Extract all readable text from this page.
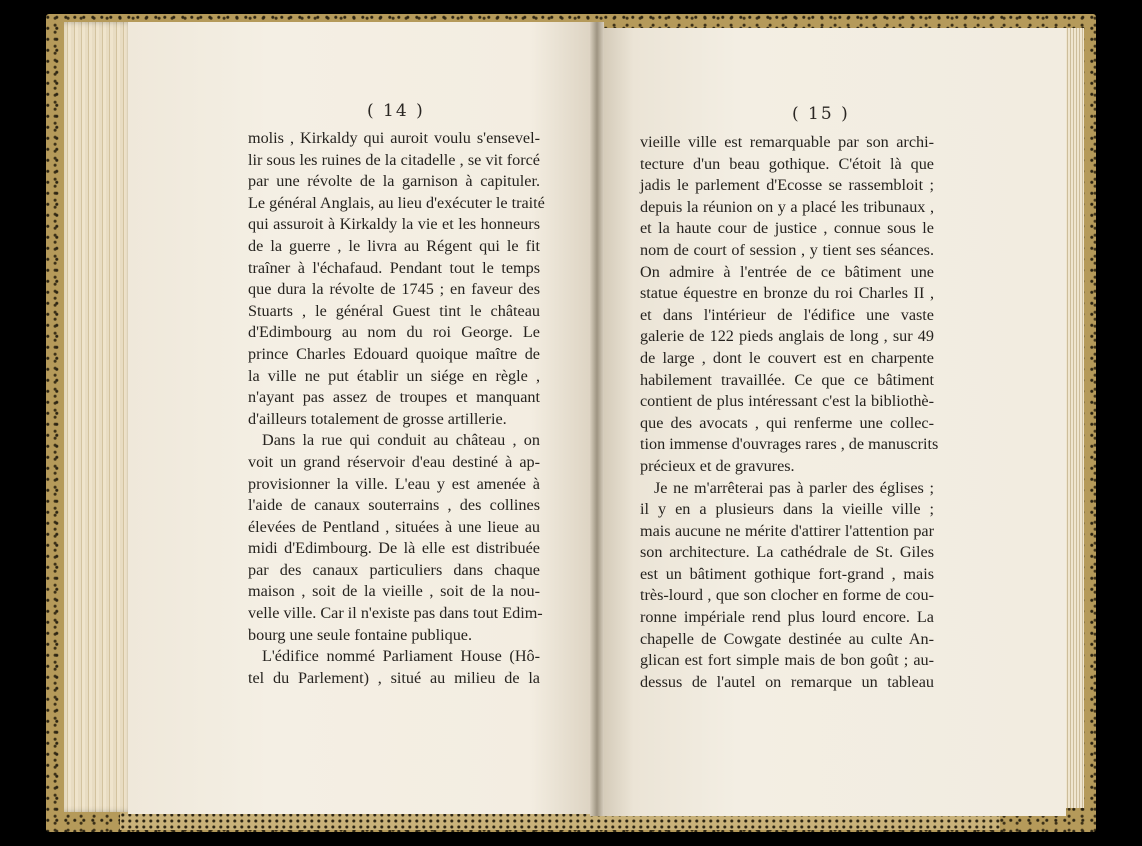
( 14 )	( 15 )
molis , Kirkaldy qui auroit voulu s'ensevel-
lir sous les ruines de la citadelle , se vit forcé
par une révolte de la garnison à capituler.
Le général Anglais, au lieu d'exécuter le traité
qui assuroit à Kirkaldy la vie et les honneurs
de la guerre , le livra au Régent qui le fit
traîner à l'échafaud. Pendant tout le temps
que dura la révolte de 1745 ; en faveur des
Stuarts , le général Guest tint le château
d'Edimbourg au nom du roi George. Le
prince Charles Edouard quoique maître de
la ville ne put établir un siége en règle ,
n'ayant pas assez de troupes et manquant
d'ailleurs totalement de grosse artillerie.
Dans la rue qui conduit au château , on
voit un grand réservoir d'eau destiné à ap-
provisionner la ville. L'eau y est amenée à
l'aide de canaux souterrains , des collines
élevées de Pentland , situées à une lieue au
midi d'Edimbourg. De là elle est distribuée
par des canaux particuliers dans chaque
maison , soit de la vieille , soit de la nou-
velle ville. Car il n'existe pas dans tout Edim-
bourg une seule fontaine publique.
L'édifice nommé Parliament House (Hô-
tel du Parlement) , situé au milieu de la
vieille ville est remarquable par son archi-
tecture d'un beau gothique. C'étoit là que
jadis le parlement d'Ecosse se rassembloit ;
depuis la réunion on y a placé les tribunaux ,
et la haute cour de justice , connue sous le
nom de court of session , y tient ses séances.
On admire à l'entrée de ce bâtiment une
statue équestre en bronze du roi Charles II ,
et dans l'intérieur de l'édifice une vaste
galerie de 122 pieds anglais de long , sur 49
de large , dont le couvert est en charpente
habilement travaillée. Ce que ce bâtiment
contient de plus intéressant c'est la bibliothè-
que des avocats , qui renferme une collec-
tion immense d'ouvrages rares , de manuscrits
précieux et de gravures.
Je ne m'arrêterai pas à parler des églises ;
il y en a plusieurs dans la vieille ville ;
mais aucune ne mérite d'attirer l'attention par
son architecture. La cathédrale de St. Giles
est un bâtiment gothique fort-grand , mais
très-lourd , que son clocher en forme de cou-
ronne impériale rend plus lourd encore. La
chapelle de Cowgate destinée au culte An-
glican est fort simple mais de bon goût ; au-
dessus de l'autel on remarque un tableau
